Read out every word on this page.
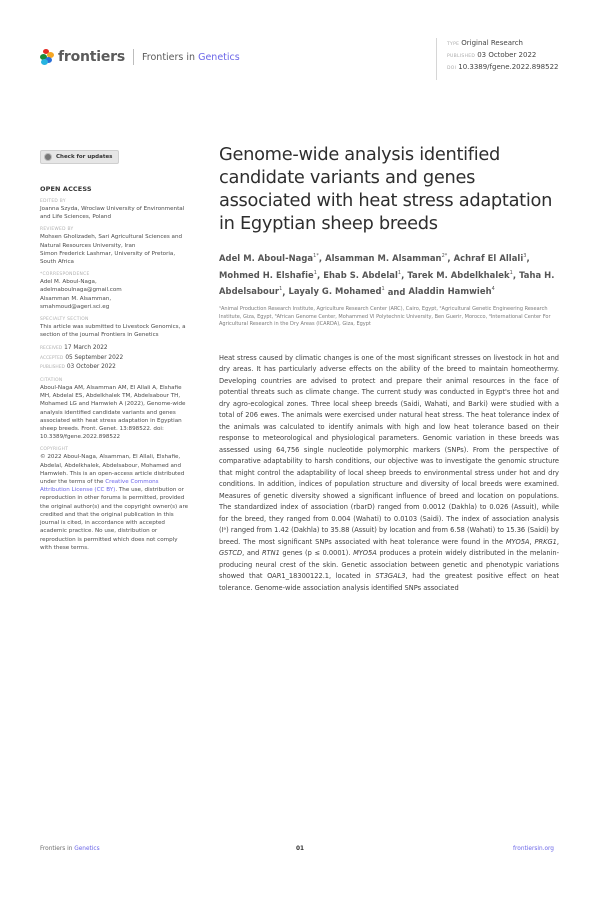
frontiers Frontiers in Genetics
TYPE Original Research
PUBLISHED 03 October 2022
DOI 10.3389/fgene.2022.898522
Check for updates
OPEN ACCESS
EDITED BY
Joanna Szyda, Wroclaw University of Environmental and Life Sciences, Poland
REVIEWED BY
Mohsen Gholizadeh, Sari Agricultural Sciences and Natural Resources University, Iran
Simon Frederick Lashmar, University of Pretoria, South Africa
*CORRESPONDENCE
Adel M. Aboul-Naga,
adelmaboulnaga@gmail.com
Alsamman M. Alsamman,
smahmoud@ageri.sci.eg
SPECIALTY SECTION
This article was submitted to Livestock Genomics, a section of the journal Frontiers in Genetics
RECEIVED 17 March 2022
ACCEPTED 05 September 2022
PUBLISHED 03 October 2022
CITATION
Aboul-Naga AM, Alsamman AM, El Allali A, Elshafie MH, Abdelal ES, Abdelkhalek TM, Abdelsabour TH, Mohamed LG and Hamwieh A (2022), Genome-wide analysis identified candidate variants and genes associated with heat stress adaptation in Egyptian sheep breeds. Front. Genet. 13:898522. doi: 10.3389/fgene.2022.898522
COPYRIGHT
© 2022 Aboul-Naga, Alsamman, El Allali, Elshafie, Abdelal, Abdelkhalek, Abdelsabour, Mohamed and Hamwieh. This is an open-access article distributed under the terms of the Creative Commons Attribution License (CC BY). The use, distribution or reproduction in other forums is permitted, provided the original author(s) and the copyright owner(s) are credited and that the original publication in this journal is cited, in accordance with accepted academic practice. No use, distribution or reproduction is permitted which does not comply with these terms.
Genome-wide analysis identified candidate variants and genes associated with heat stress adaptation in Egyptian sheep breeds
Adel M. Aboul-Naga$^{1*}$, Alsamman M. Alsamman$^{2*}$, Achraf El Allali$^3$, Mohmed H. Elshafie$^1$, Ehab S. Abdelal$^1$, Tarek M. Abdelkhalek$^1$, Taha H. Abdelsabour$^1$, Layaly G. Mohamed$^1$ and Aladdin Hamwieh$^4$
¹Animal Production Research Institute, Agriculture Research Center (ARC), Cairo, Egypt, ²Agricultural Genetic Engineering Research Institute, Giza, Egypt, ³African Genome Center, Mohammed VI Polytechnic University, Ben Guerir, Morocco, ⁴International Center For Agricultural Research in the Dry Areas (ICARDA), Giza, Egypt
Heat stress caused by climatic changes is one of the most significant stresses on livestock in hot and dry areas. It has particularly adverse effects on the ability of the breed to maintain homeothermy. Developing countries are advised to protect and prepare their animal resources in the face of potential threats such as climate change. The current study was conducted in Egypt's three hot and dry agro-ecological zones. Three local sheep breeds (Saidi, Wahati, and Barki) were studied with a total of 206 ewes. The animals were exercised under natural heat stress. The heat tolerance index of the animals was calculated to identify animals with high and low heat tolerance based on their response to meteorological and physiological parameters. Genomic variation in these breeds was assessed using 64,756 single nucleotide polymorphic markers (SNPs). From the perspective of comparative adaptability to harsh conditions, our objective was to investigate the genomic structure that might control the adaptability of local sheep breeds to environmental stress under hot and dry conditions. In addition, indices of population structure and diversity of local breeds were examined. Measures of genetic diversity showed a significant influence of breed and location on populations. The standardized index of association (rbarD) ranged from 0.0012 (Dakhla) to 0.026 (Assuit), while for the breed, they ranged from 0.004 (Wahati) to 0.0103 (Saidi). The index of association analysis (Iᵃ) ranged from 1.42 (Dakhla) to 35.88 (Assuit) by location and from 6.58 (Wahati) to 15.36 (Saidi) by breed. The most significant SNPs associated with heat tolerance were found in the MYO5A, PRKG1, GSTCD, and RTN1 genes (p ≤ 0.0001). MYO5A produces a protein widely distributed in the melanin-producing neural crest of the skin. Genetic association between genetic and phenotypic variations showed that OAR1_18300122.1, located in ST3GAL3, had the greatest positive effect on heat tolerance. Genome-wide association analysis identified SNPs associated
Frontiers in Genetics	01	frontiersin.org
